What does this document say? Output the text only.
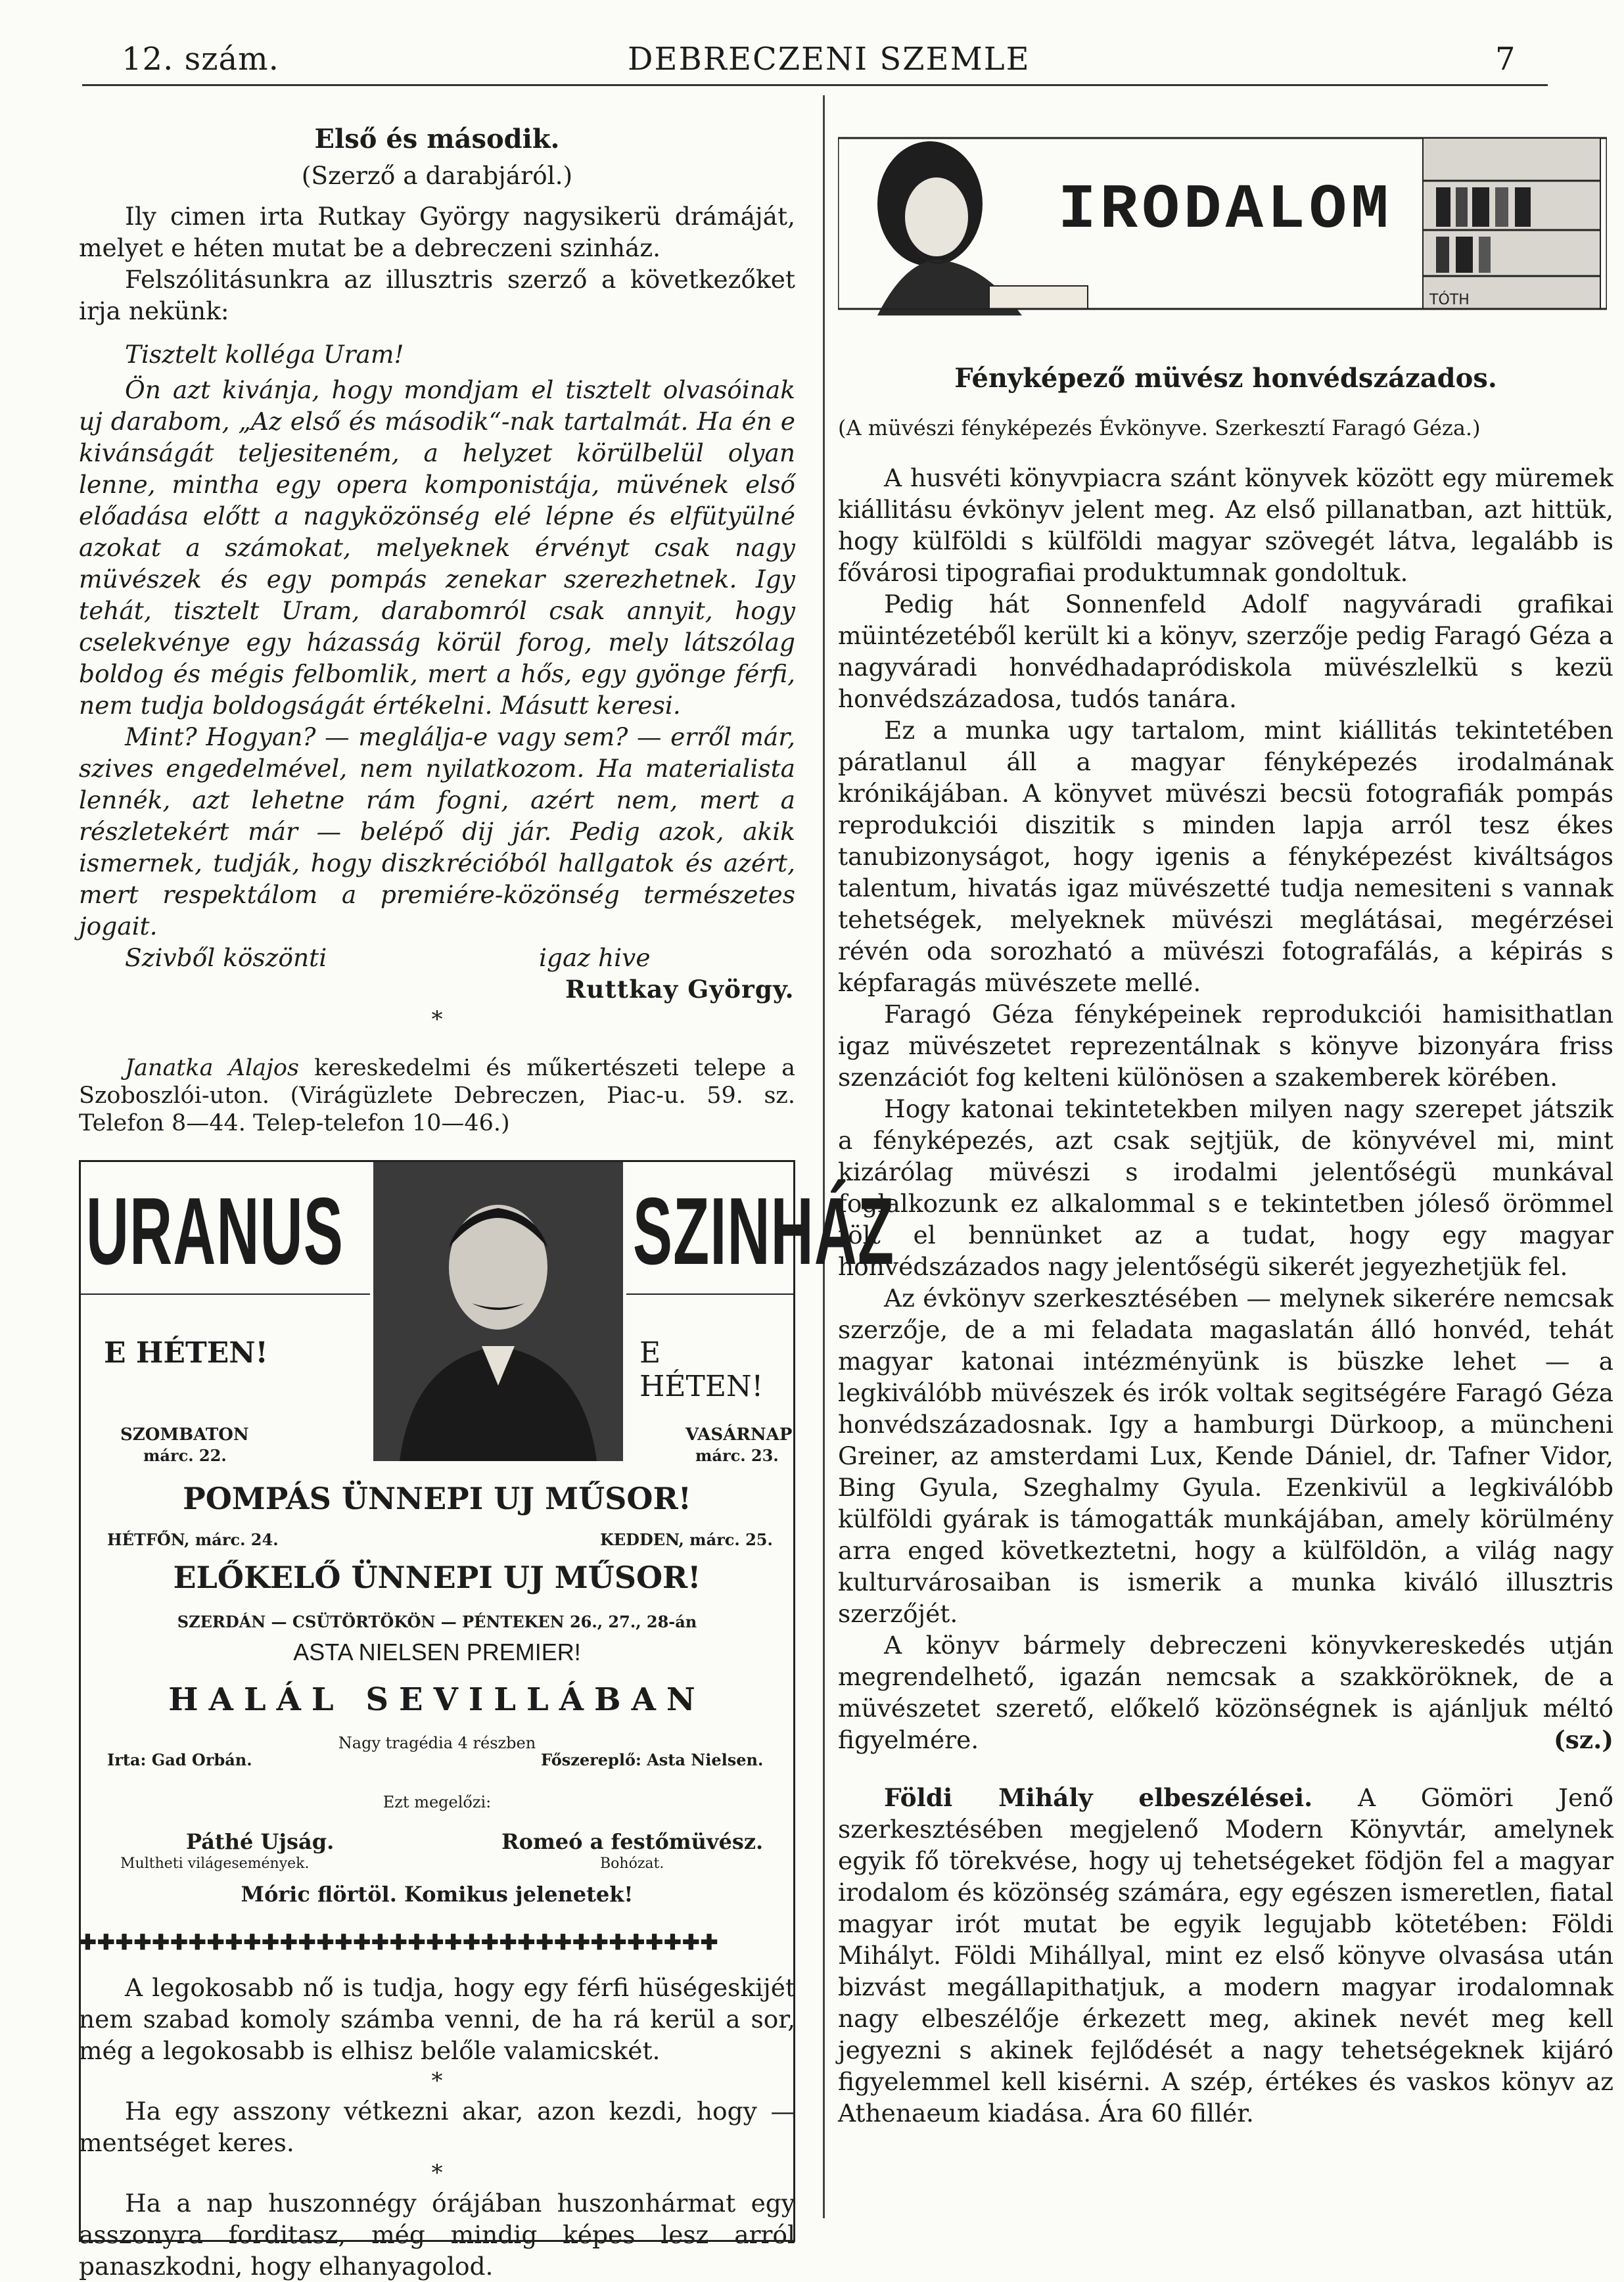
12. szám.	DEBRECZENI SZEMLE	7
Első és második.

(Szerző a darabjáról.)

Ily cimen irta Rutkay György nagysikerü drámáját, melyet e héten mutat be a debreczeni szinház.

Felszólitásunkra az illusztris szerző a következőket irja nekünk:

Tisztelt kolléga Uram!

Ön azt kivánja, hogy mondjam el tisztelt olvasóinak uj darabom, „Az első és második“-nak tartalmát. Ha én e kivánságát teljesiteném, a helyzet körülbelül olyan lenne, mintha egy opera komponistája, müvének első előadása előtt a nagyközönség elé lépne és elfütyülné azokat a számokat, melyeknek érvényt csak nagy müvészek és egy pompás zenekar szerezhetnek. Igy tehát, tisztelt Uram, darabomról csak annyit, hogy cselekvénye egy házasság körül forog, mely látszólag boldog és mégis felbomlik, mert a hős, egy gyönge férfi, nem tudja boldogságát értékelni. Másutt keresi.

Mint? Hogyan? — meglálja-e vagy sem? — erről már, szives engedelmével, nem nyilatkozom. Ha materialista lennék, azt lehetne rám fogni, azért nem, mert a részletekért már — belépő dij jár. Pedig azok, akik ismernek, tudják, hogy diszkrécióból hallgatok és azért, mert respektálom a premiére-közönség természetes jogait.

Szivből köszönti	igaz hive
Ruttkay György.
*

Janatka Alajos kereskedelmi és műkertészeti telepe a Szoboszlói-uton. (Virágüzlete Debreczen, Piac-u. 59. sz. Telefon 8—44. Telep-telefon 10—46.)

URANUS	SZINHÁZ
E HÉTEN!	E HÉTEN!
SZOMBATON
márc. 22.
VASÁRNAP
márc. 23.
POMPÁS ÜNNEPI UJ MŰSOR!
HÉTFŐN, márc. 24.	KEDDEN, márc. 25.
ELŐKELŐ ÜNNEPI UJ MŰSOR!
SZERDÁN — CSÜTÖRTÖKÖN — PÉNTEKEN 26., 27., 28-án
ASTA NIELSEN PREMIER!
HALÁL SEVILLÁBAN
Nagy tragédia 4 részben
Irta: Gad Orbán.	Főszereplő: Asta Nielsen.
Ezt megelőzi:
Páthé Ujság.
Multheti világesemények.
Romeó a festőmüvész.
Bohózat.
Móric flörtöl. Komikus jelenetek!
✚✚✚✚✚✚✚✚✚✚✚✚✚✚✚✚✚✚✚✚✚✚✚✚✚✚✚✚✚✚✚✚✚✚✚

A legokosabb nő is tudja, hogy egy férfi hüségeskijét nem szabad komoly számba venni, de ha rá kerül a sor, még a legokosabb is elhisz belőle valamicskét.

*

Ha egy asszony vétkezni akar, azon kezdi, hogy — mentséget keres.

*

Ha a nap huszonnégy órájában huszonhármat egy asszonyra forditasz, még mindig képes lesz arról panaszkodni, hogy elhanyagolod.

TÓTH
IRODALOM
Fényképező müvész honvédszázados.

(A müvészi fényképezés Évkönyve. Szerkesztí Faragó Géza.)

A husvéti könyvpiacra szánt könyvek között egy müremek kiállitásu évkönyv jelent meg. Az első pillanatban, azt hittük, hogy külföldi s külföldi magyar szövegét látva, legalább is fővárosi tipografiai produktumnak gondoltuk.

Pedig hát Sonnenfeld Adolf nagyváradi grafikai müintézetéből került ki a könyv, szerzője pedig Faragó Géza a nagyváradi honvédhadapródiskola müvészlelkü s kezü honvédszázadosa, tudós tanára.

Ez a munka ugy tartalom, mint kiállitás tekintetében páratlanul áll a magyar fényképezés irodalmának krónikájában. A könyvet müvészi becsü fotografiák pompás reprodukciói diszitik s minden lapja arról tesz ékes tanubizonyságot, hogy igenis a fényképezést kiváltságos talentum, hivatás igaz müvészetté tudja nemesiteni s vannak tehetségek, melyeknek müvészi meglátásai, megérzései révén oda sorozható a müvészi fotografálás, a képirás s képfaragás müvészete mellé.

Faragó Géza fényképeinek reprodukciói hamisithatlan igaz müvészetet reprezentálnak s könyve bizonyára friss szenzációt fog kelteni különösen a szakemberek körében.

Hogy katonai tekintetekben milyen nagy szerepet játszik a fényképezés, azt csak sejtjük, de könyvével mi, mint kizárólag müvészi s irodalmi jelentőségü munkával foglalkozunk ez alkalommal s e tekintetben jóleső örömmel tölt el bennünket az a tudat, hogy egy magyar honvédszázados nagy jelentőségü sikerét jegyezhetjük fel.

Az évkönyv szerkesztésében — melynek sikerére nemcsak szerzője, de a mi feladata magaslatán álló honvéd, tehát magyar katonai intézményünk is büszke lehet — a legkiválóbb müvészek és irók voltak segitségére Faragó Géza honvédszázadosnak. Igy a hamburgi Dürkoop, a müncheni Greiner, az amsterdami Lux, Kende Dániel, dr. Tafner Vidor, Bing Gyula, Szeghalmy Gyula. Ezenkivül a legkiválóbb külföldi gyárak is támogatták munkájában, amely körülmény arra enged következtetni, hogy a külföldön, a világ nagy kulturvárosaiban is ismerik a munka kiváló illusztris szerzőjét.

A könyv bármely debreczeni könyvkereskedés utján megrendelhető, igazán nemcsak a szakköröknek, de a müvészetet szerető, előkelő közönségnek is ajánljuk méltó figyelmére.	(sz.)

Földi Mihály elbeszélései. A Gömöri Jenő szerkesztésében megjelenő Modern Könyvtár, amelynek egyik fő törekvése, hogy uj tehetségeket födjön fel a magyar irodalom és közönség számára, egy egészen ismeretlen, fiatal magyar irót mutat be egyik legujabb kötetében: Földi Mihályt. Földi Mihállyal, mint ez első könyve olvasása után bizvást megállapithatjuk, a modern magyar irodalomnak nagy elbeszélője érkezett meg, akinek nevét meg kell jegyezni s akinek fejlődését a nagy tehetségeknek kijáró figyelemmel kell kisérni. A szép, értékes és vaskos könyv az Athenaeum kiadása. Ára 60 fillér.
